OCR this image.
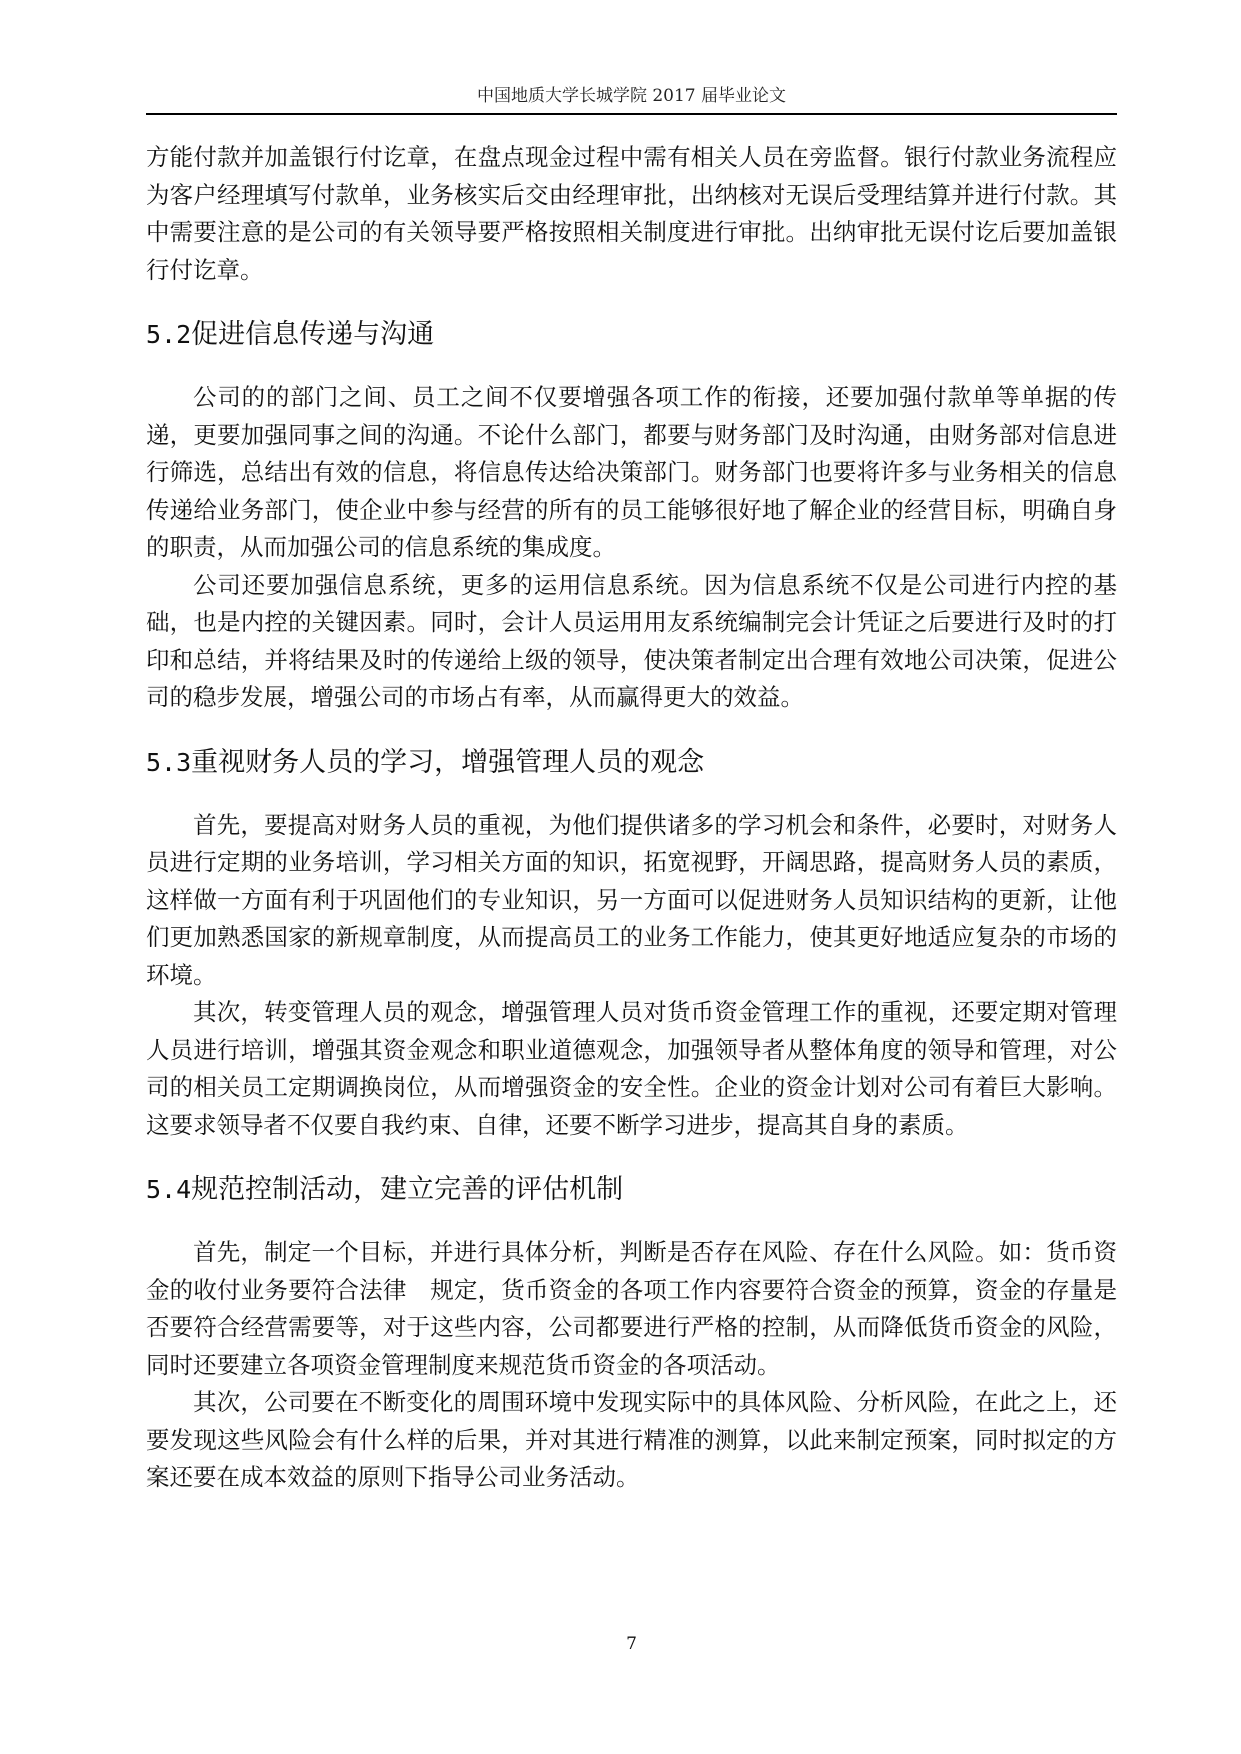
中国地质大学长城学院 2017 届毕业论文

方能付款并加盖银行付讫章，在盘点现金过程中需有相关人员在旁监督。银行付款业务流程应为客户经理填写付款单，业务核实后交由经理审批，出纳核对无误后受理结算并进行付款。其中需要注意的是公司的有关领导要严格按照相关制度进行审批。出纳审批无误付讫后要加盖银行付讫章。

5.2促进信息传递与沟通

公司的的部门之间、员工之间不仅要增强各项工作的衔接，还要加强付款单等单据的传递，更要加强同事之间的沟通。不论什么部门，都要与财务部门及时沟通，由财务部对信息进行筛选，总结出有效的信息，将信息传达给决策部门。财务部门也要将许多与业务相关的信息传递给业务部门，使企业中参与经营的所有的员工能够很好地了解企业的经营目标，明确自身的职责，从而加强公司的信息系统的集成度。

公司还要加强信息系统，更多的运用信息系统。因为信息系统不仅是公司进行内控的基础，也是内控的关键因素。同时，会计人员运用用友系统编制完会计凭证之后要进行及时的打印和总结，并将结果及时的传递给上级的领导，使决策者制定出合理有效地公司决策，促进公司的稳步发展，增强公司的市场占有率，从而赢得更大的效益。

5.3重视财务人员的学习，增强管理人员的观念

首先，要提高对财务人员的重视，为他们提供诸多的学习机会和条件，必要时，对财务人员进行定期的业务培训，学习相关方面的知识，拓宽视野，开阔思路，提高财务人员的素质，这样做一方面有利于巩固他们的专业知识，另一方面可以促进财务人员知识结构的更新，让他们更加熟悉国家的新规章制度，从而提高员工的业务工作能力，使其更好地适应复杂的市场的环境。

其次，转变管理人员的观念，增强管理人员对货币资金管理工作的重视，还要定期对管理人员进行培训，增强其资金观念和职业道德观念，加强领导者从整体角度的领导和管理，对公司的相关员工定期调换岗位，从而增强资金的安全性。企业的资金计划对公司有着巨大影响。这要求领导者不仅要自我约束、自律，还要不断学习进步，提高其自身的素质。

5.4规范控制活动，建立完善的评估机制

首先，制定一个目标，并进行具体分析，判断是否存在风险、存在什么风险。如：货币资金的收付业务要符合法律　规定，货币资金的各项工作内容要符合资金的预算，资金的存量是否要符合经营需要等，对于这些内容，公司都要进行严格的控制，从而降低货币资金的风险，同时还要建立各项资金管理制度来规范货币资金的各项活动。

其次，公司要在不断变化的周围环境中发现实际中的具体风险、分析风险，在此之上，还要发现这些风险会有什么样的后果，并对其进行精准的测算，以此来制定预案，同时拟定的方案还要在成本效益的原则下指导公司业务活动。

7
